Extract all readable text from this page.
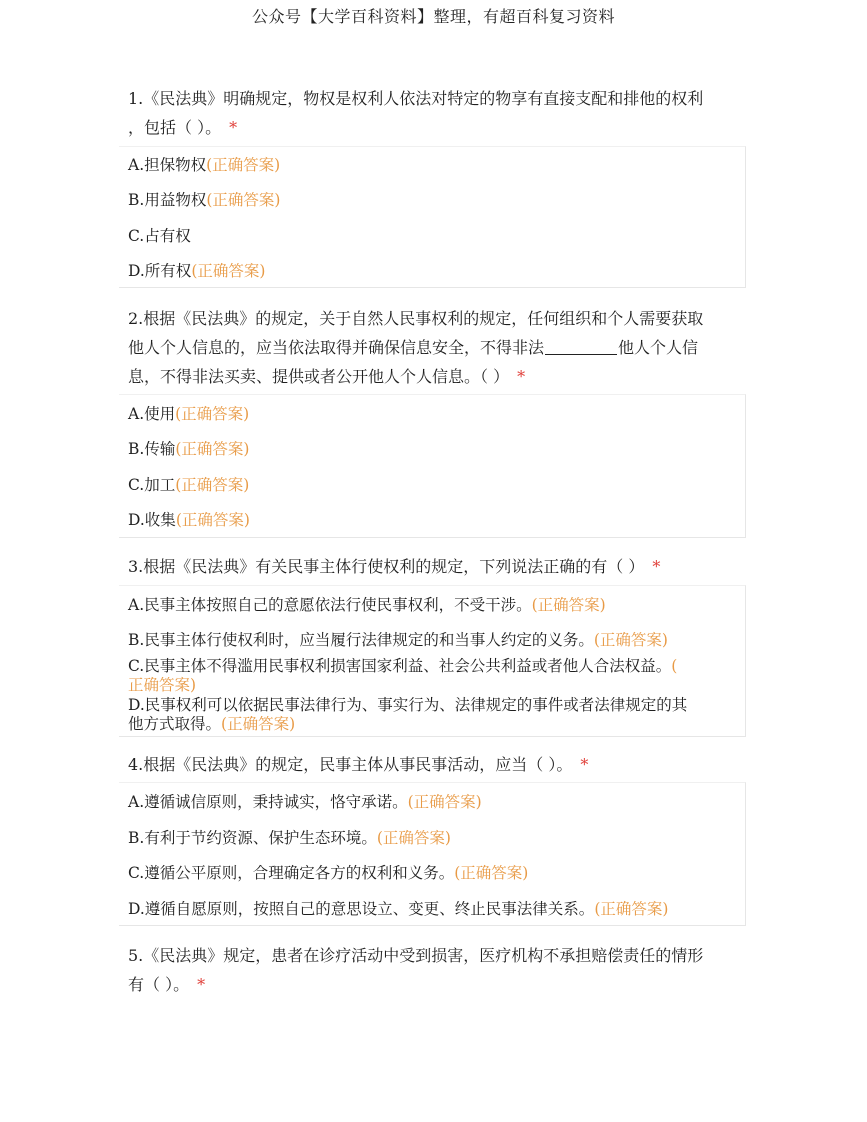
公众号【大学百科资料】整理，有超百科复习资料
1.《民法典》明确规定，物权是权利人依法对特定的物享有直接支配和排他的权利
，包括（ ）。 *
A.担保物权(正确答案)
B.用益物权(正确答案)
C.占有权
D.所有权(正确答案)
2.根据《民法典》的规定，关于自然人民事权利的规定，任何组织和个人需要获取
他人个人信息的，应当依法取得并确保信息安全，不得非法	他人个人信
息，不得非法买卖、提供或者公开他人个人信息。（ ） *
A.使用(正确答案)
B.传输(正确答案)
C.加工(正确答案)
D.收集(正确答案)
3.根据《民法典》有关民事主体行使权利的规定，下列说法正确的有（ ） *
A.民事主体按照自己的意愿依法行使民事权利，不受干涉。(正确答案)
B.民事主体行使权利时，应当履行法律规定的和当事人约定的义务。(正确答案)
C.民事主体不得滥用民事权利损害国家利益、社会公共利益或者他人合法权益。(
正确答案)
D.民事权利可以依据民事法律行为、事实行为、法律规定的事件或者法律规定的其
他方式取得。(正确答案)
4.根据《民法典》的规定，民事主体从事民事活动，应当（ ）。 *
A.遵循诚信原则，秉持诚实，恪守承诺。(正确答案)
B.有利于节约资源、保护生态环境。(正确答案)
C.遵循公平原则，合理确定各方的权利和义务。(正确答案)
D.遵循自愿原则，按照自己的意思设立、变更、终止民事法律关系。(正确答案)
5.《民法典》规定，患者在诊疗活动中受到损害，医疗机构不承担赔偿责任的情形
有（ ）。 *
